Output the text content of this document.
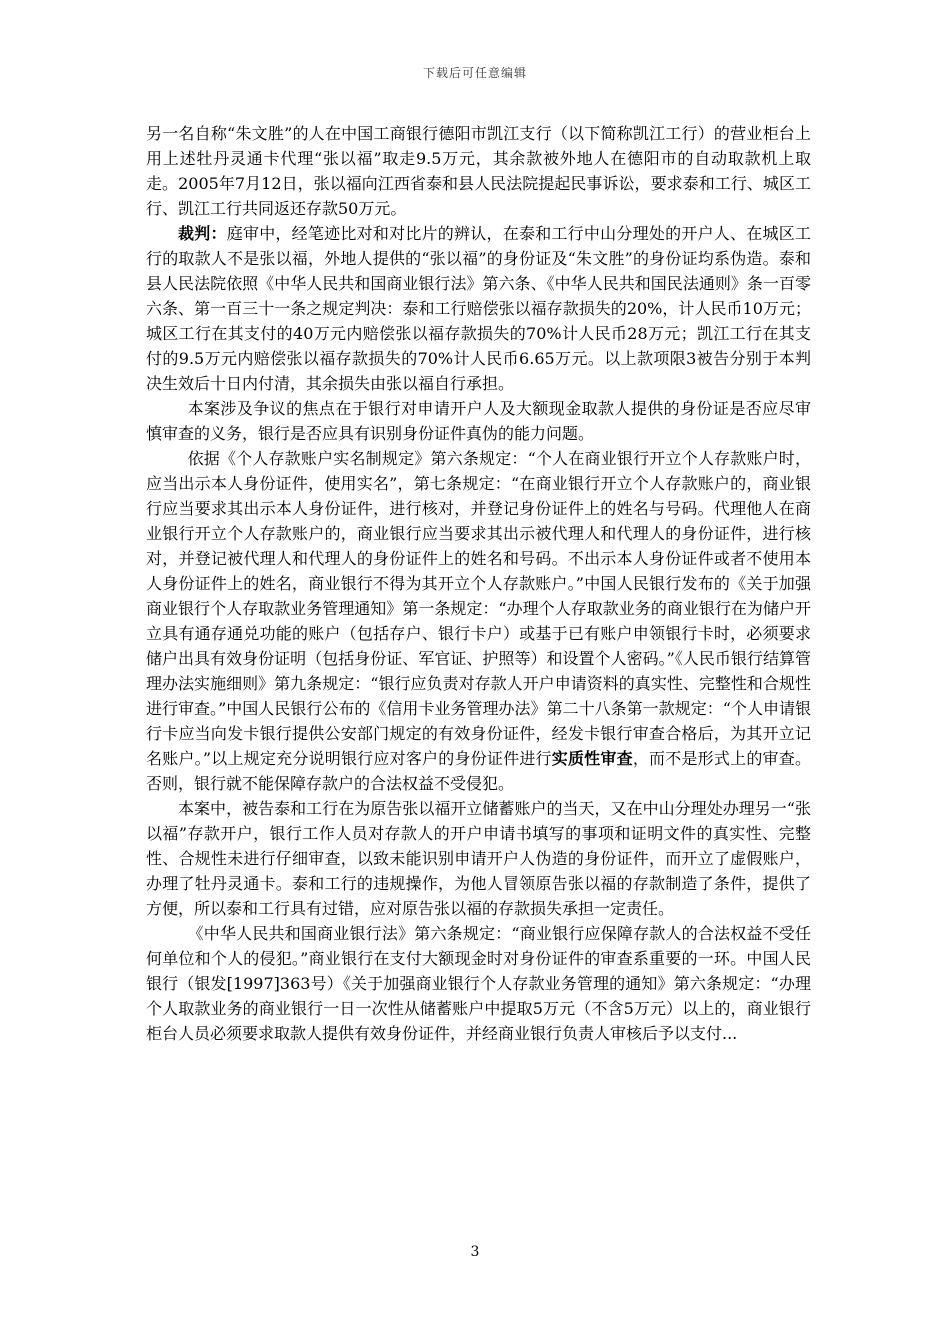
下载后可任意编辑

另一名自称“朱文胜”的人在中国工商银行德阳市凯江支行（以下简称凯江工行）的营业柜台上用上述牡丹灵通卡代理“张以福”取走9.5万元，其余款被外地人在德阳市的自动取款机上取走。2005年7月12日，张以福向江西省泰和县人民法院提起民事诉讼，要求泰和工行、城区工行、凯江工行共同返还存款50万元。

裁判：庭审中，经笔迹比对和对比片的辨认，在泰和工行中山分理处的开户人、在城区工行的取款人不是张以福，外地人提供的“张以福”的身份证及“朱文胜”的身份证均系伪造。泰和县人民法院依照《中华人民共和国商业银行法》第六条、《中华人民共和国民法通则》条一百零六条、第一百三十一条之规定判决：泰和工行赔偿张以福存款损失的20%，计人民币10万元；城区工行在其支付的40万元内赔偿张以福存款损失的70%计人民币28万元；凯江工行在其支付的9.5万元内赔偿张以福存款损失的70%计人民币6.65万元。以上款项限3被告分别于本判决生效后十日内付清，其余损失由张以福自行承担。

本案涉及争议的焦点在于银行对申请开户人及大额现金取款人提供的身份证是否应尽审慎审查的义务，银行是否应具有识别身份证件真伪的能力问题。

依据《个人存款账户实名制规定》第六条规定：“个人在商业银行开立个人存款账户时，应当出示本人身份证件，使用实名”，第七条规定：“在商业银行开立个人存款账户的，商业银行应当要求其出示本人身份证件，进行核对，并登记身份证件上的姓名与号码。代理他人在商业银行开立个人存款账户的，商业银行应当要求其出示被代理人和代理人的身份证件，进行核对，并登记被代理人和代理人的身份证件上的姓名和号码。不出示本人身份证件或者不使用本人身份证件上的姓名，商业银行不得为其开立个人存款账户。”中国人民银行发布的《关于加强商业银行个人存取款业务管理通知》第一条规定：“办理个人存取款业务的商业银行在为储户开立具有通存通兑功能的账户（包括存户、银行卡户）或基于已有账户申领银行卡时，必须要求储户出具有效身份证明（包括身份证、军官证、护照等）和设置个人密码。”《人民币银行结算管理办法实施细则》第九条规定：“银行应负责对存款人开户申请资料的真实性、完整性和合规性进行审查。”中国人民银行公布的《信用卡业务管理办法》第二十八条第一款规定：“个人申请银行卡应当向发卡银行提供公安部门规定的有效身份证件，经发卡银行审查合格后，为其开立记名账户。”以上规定充分说明银行应对客户的身份证件进行实质性审查，而不是形式上的审查。否则，银行就不能保障存款户的合法权益不受侵犯。

本案中，被告泰和工行在为原告张以福开立储蓄账户的当天，又在中山分理处办理另一“张以福”存款开户，银行工作人员对存款人的开户申请书填写的事项和证明文件的真实性、完整性、合规性未进行仔细审查，以致未能识别申请开户人伪造的身份证件，而开立了虚假账户，办理了牡丹灵通卡。泰和工行的违规操作，为他人冒领原告张以福的存款制造了条件，提供了方便，所以泰和工行具有过错，应对原告张以福的存款损失承担一定责任。

《中华人民共和国商业银行法》第六条规定：“商业银行应保障存款人的合法权益不受任何单位和个人的侵犯。”商业银行在支付大额现金时对身份证件的审查系重要的一环。中国人民银行（银发[1997]363号）《关于加强商业银行个人存款业务管理的通知》第六条规定：“办理个人取款业务的商业银行一日一次性从储蓄账户中提取5万元（不含5万元）以上的，商业银行柜台人员必须要求取款人提供有效身份证件，并经商业银行负责人审核后予以支付...

3
